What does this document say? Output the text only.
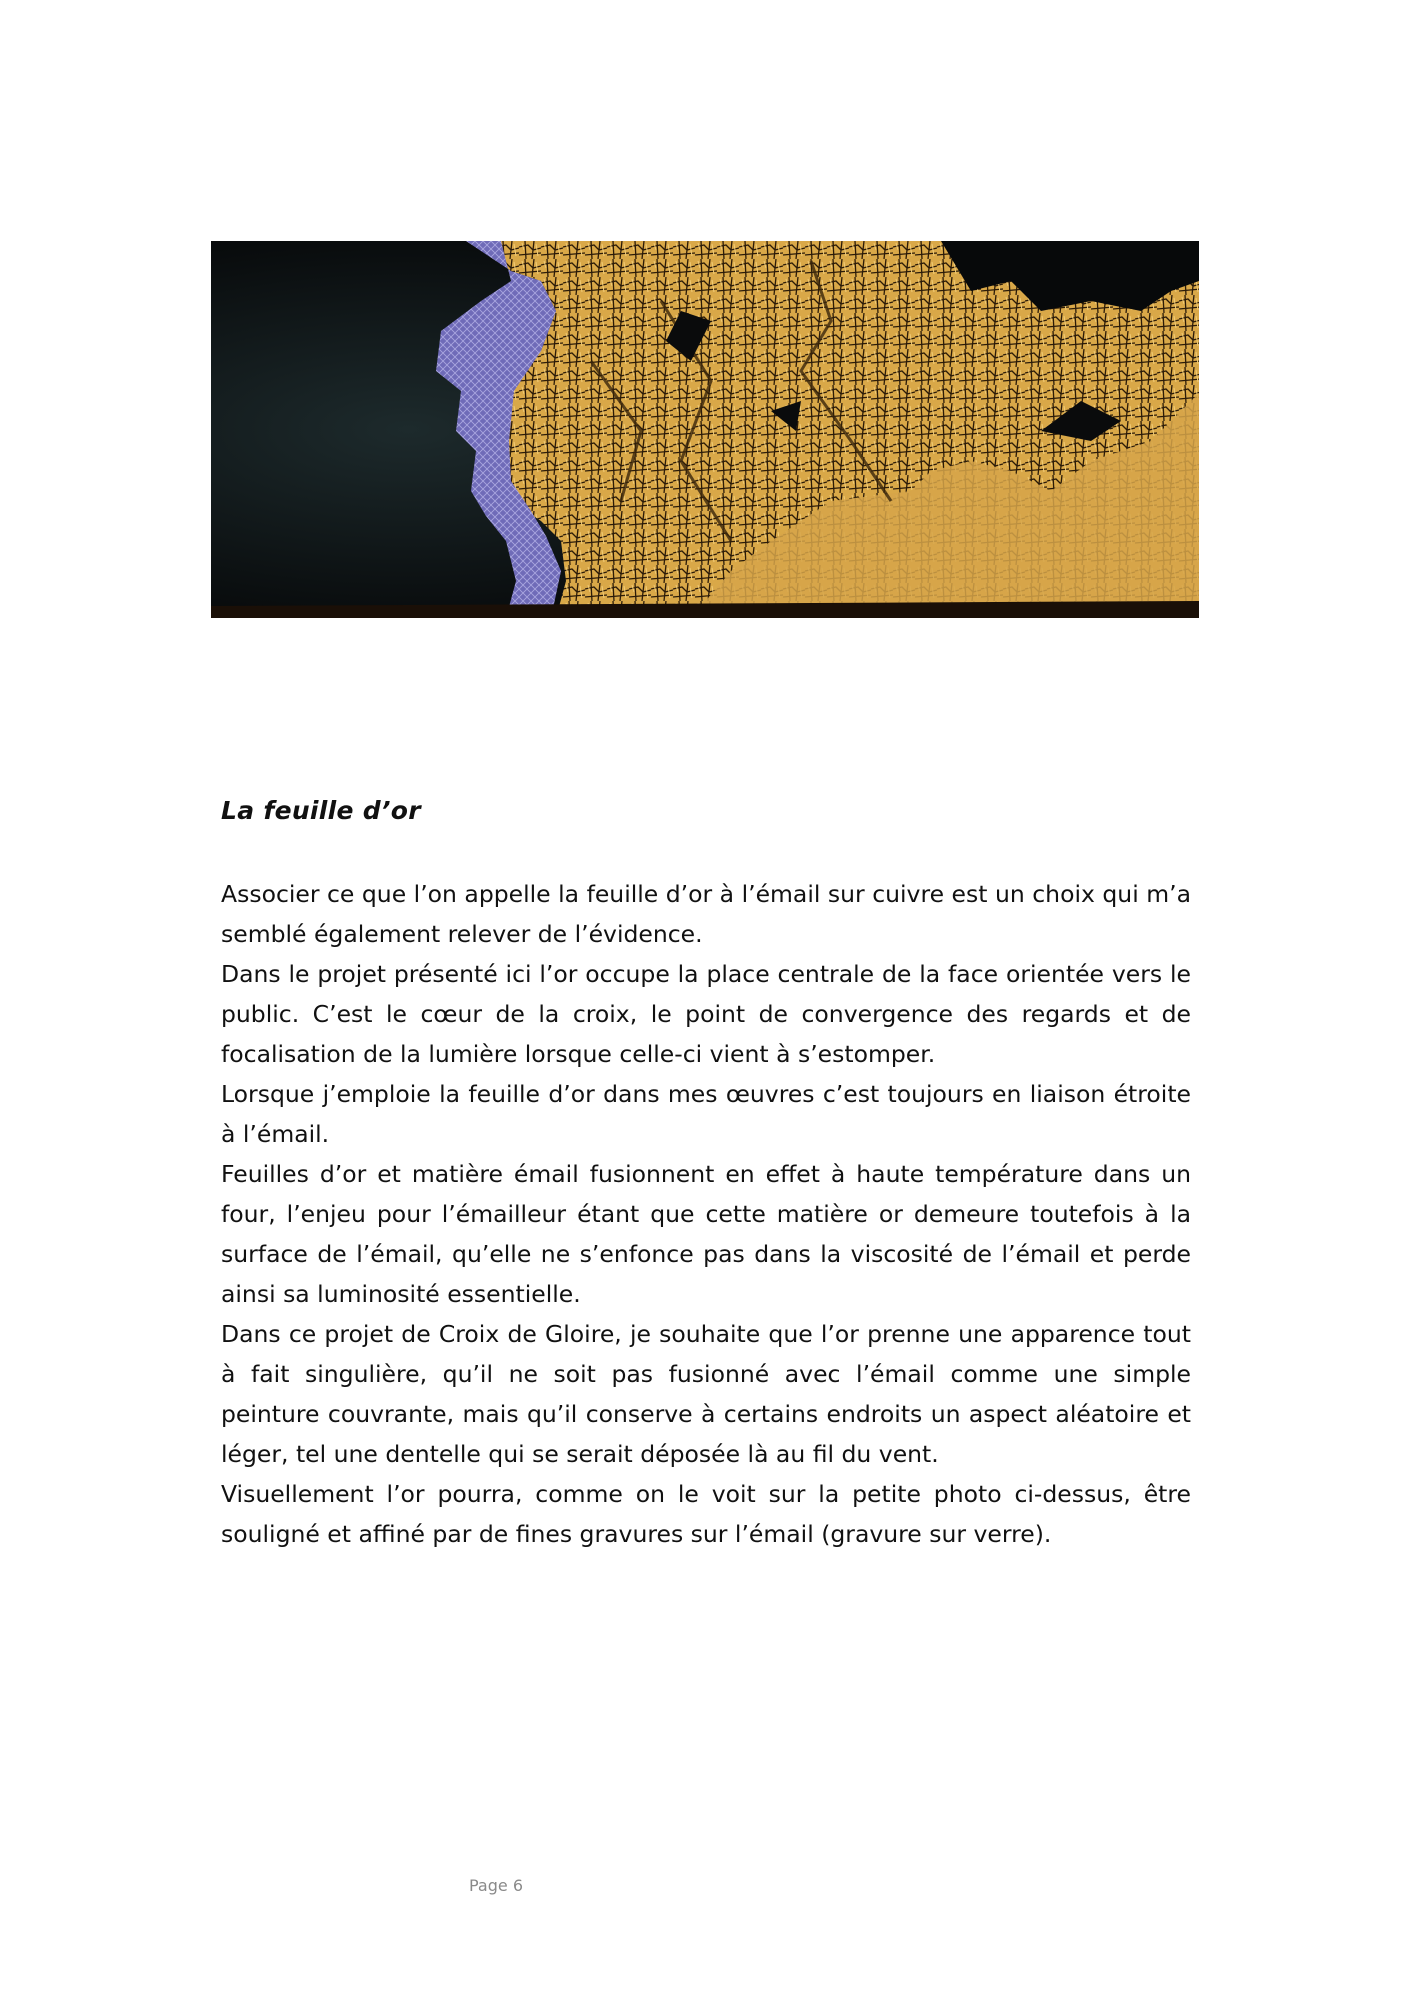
La feuille d’or

Associer ce que l’on appelle la feuille d’or à l’émail sur cuivre est un choix qui m’a semblé également relever de l’évidence.

Dans le projet présenté ici l’or occupe la place centrale de la face orientée vers le public. C’est le cœur de la croix, le point de convergence des regards et de focalisation de la lumière lorsque celle-ci vient à s’estomper.

Lorsque j’emploie la feuille d’or dans mes œuvres c’est toujours en liaison étroite à l’émail.

Feuilles d’or et matière émail fusionnent en effet à haute température dans un four, l’enjeu pour l’émailleur étant que cette matière or demeure toutefois à la surface de l’émail, qu’elle ne s’enfonce pas dans la viscosité de l’émail et perde ainsi sa luminosité essentielle.

Dans ce projet de Croix de Gloire, je souhaite que l’or prenne une apparence tout à fait singulière, qu’il ne soit pas fusionné avec l’émail comme une simple peinture couvrante, mais qu’il conserve à certains endroits un aspect aléatoire et léger, tel une dentelle qui se serait déposée là au fil du vent.

Visuellement l’or pourra, comme on le voit sur la petite photo ci-dessus, être souligné et affiné par de fines gravures sur l’émail (gravure sur verre).

Page 6
